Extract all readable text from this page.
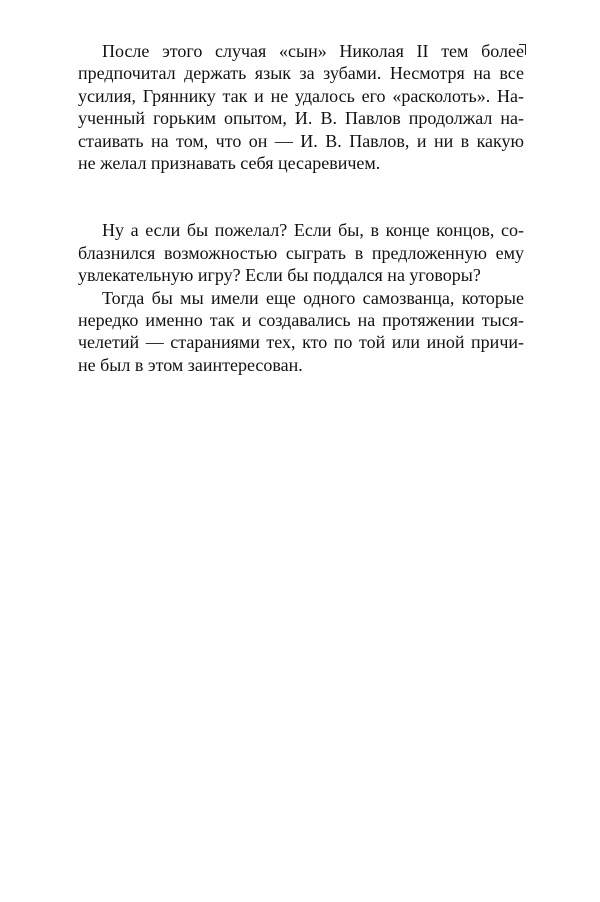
После этого случая «сын» Николая II тем более
предпочитал держать язык за зубами. Несмотря на все
усилия, Гряннику так и не удалось его «расколоть». На-
ученный горьким опытом, И. В. Павлов продолжал на-
стаивать на том, что он — И. В. Павлов, и ни в какую
не желал признавать себя цесаревичем.
Ну а если бы пожелал? Если бы, в конце концов, со-
блазнился возможностью сыграть в предложенную ему
увлекательную игру? Если бы поддался на уговоры?
Тогда бы мы имели еще одного самозванца, которые
нередко именно так и создавались на протяжении тыся-
челетий — стараниями тех, кто по той или иной причи-
не был в этом заинтересован.
